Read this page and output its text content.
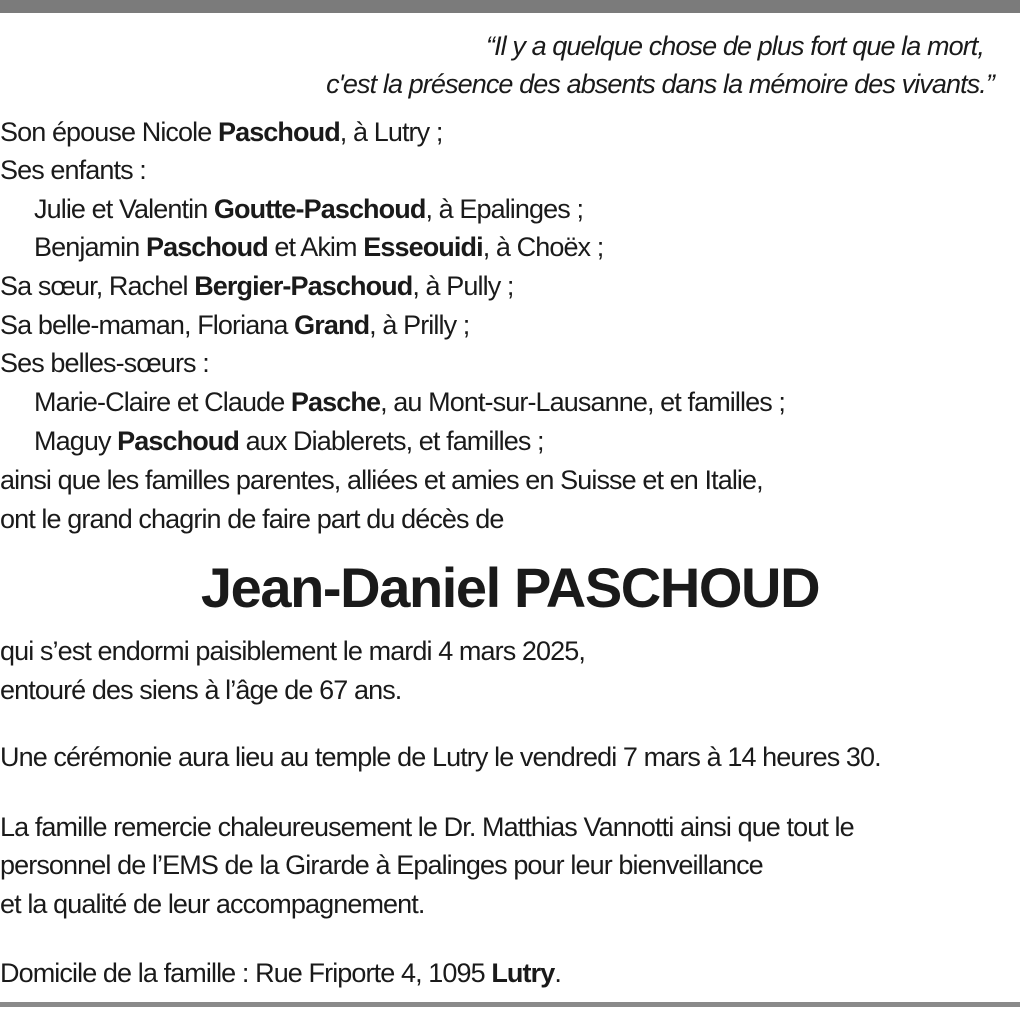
“Il y a quelque chose de plus fort que la mort,
c'est la présence des absents dans la mémoire des vivants.”
Son épouse Nicole Paschoud, à Lutry ;
Ses enfants :
Julie et Valentin Goutte-Paschoud, à Epalinges ;
Benjamin Paschoud et Akim Esseouidi, à Choëx ;
Sa sœur, Rachel Bergier-Paschoud, à Pully ;
Sa belle-maman, Floriana Grand, à Prilly ;
Ses belles-sœurs :
Marie-Claire et Claude Pasche, au Mont-sur-Lausanne, et familles ;
Maguy Paschoud aux Diablerets, et familles ;
ainsi que les familles parentes, alliées et amies en Suisse et en Italie,
ont le grand chagrin de faire part du décès de
Jean-Daniel PASCHOUD
qui s’est endormi paisiblement le mardi 4 mars 2025,
entouré des siens à l’âge de 67 ans.
Une cérémonie aura lieu au temple de Lutry le vendredi 7 mars à 14 heures 30.
La famille remercie chaleureusement le Dr. Matthias Vannotti ainsi que tout le
personnel de l’EMS de la Girarde à Epalinges pour leur bienveillance
et la qualité de leur accompagnement.
Domicile de la famille : Rue Friporte 4, 1095 Lutry.
